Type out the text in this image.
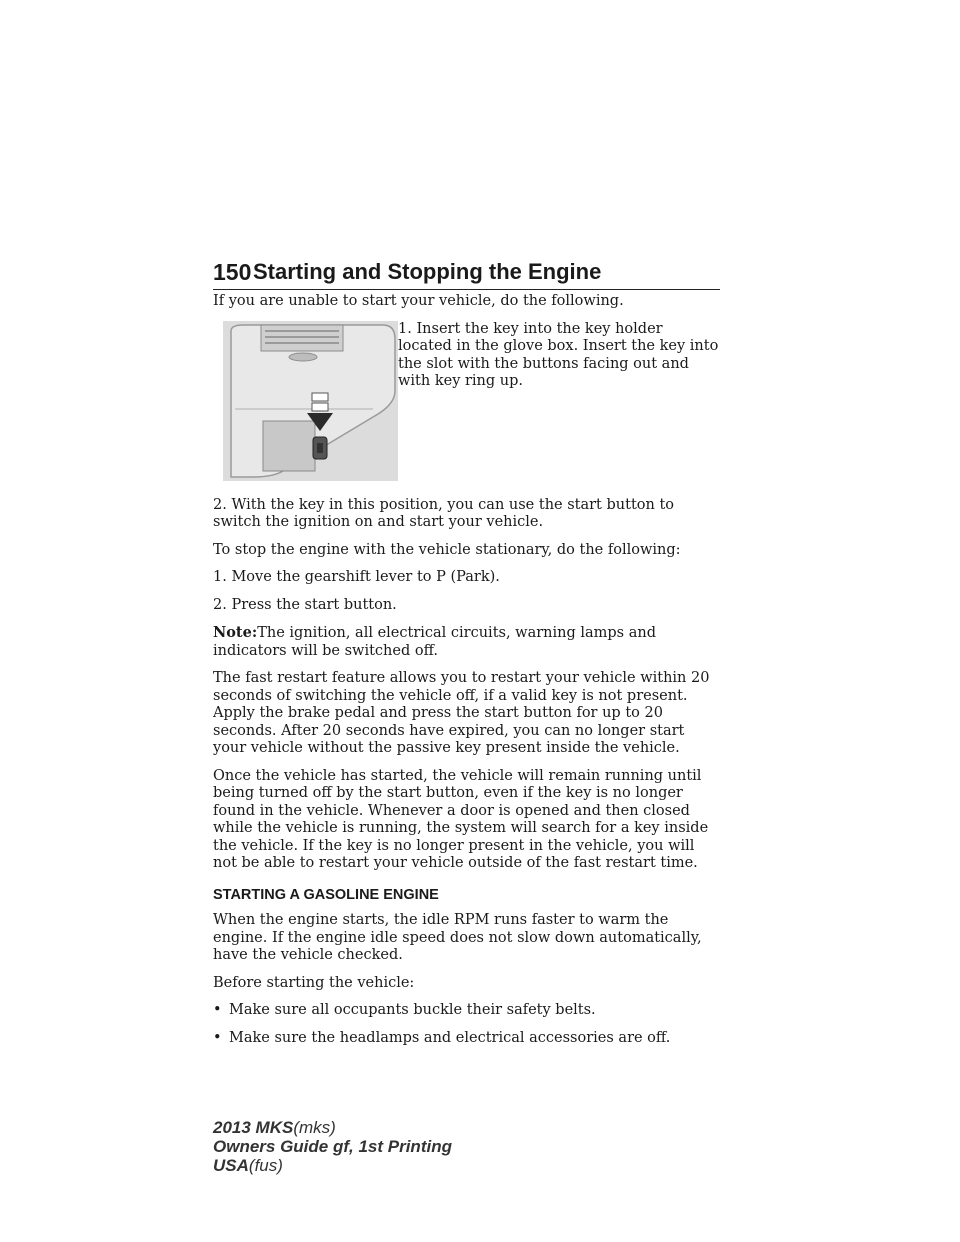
150 Starting and Stopping the Engine

If you are unable to start your vehicle, do the following.

1. Insert the key into the key holder located in the glove box. Insert the key into the slot with the buttons facing out and with key ring up.

2. With the key in this position, you can use the start button to switch the ignition on and start your vehicle.

To stop the engine with the vehicle stationary, do the following:

1. Move the gearshift lever to P (Park).

2. Press the start button.

Note:The ignition, all electrical circuits, warning lamps and indicators will be switched off.

The fast restart feature allows you to restart your vehicle within 20 seconds of switching the vehicle off, if a valid key is not present. Apply the brake pedal and press the start button for up to 20 seconds. After 20 seconds have expired, you can no longer start your vehicle without the passive key present inside the vehicle.

Once the vehicle has started, the vehicle will remain running until being turned off by the start button, even if the key is no longer found in the vehicle. Whenever a door is opened and then closed while the vehicle is running, the system will search for a key inside the vehicle. If the key is no longer present in the vehicle, you will not be able to restart your vehicle outside of the fast restart time.

STARTING A GASOLINE ENGINE

When the engine starts, the idle RPM runs faster to warm the engine. If the engine idle speed does not slow down automatically, have the vehicle checked.

Before starting the vehicle:

• Make sure all occupants buckle their safety belts.
• Make sure the headlamps and electrical accessories are off.
2013 MKS(mks)
Owners Guide gf, 1st Printing
USA(fus)
